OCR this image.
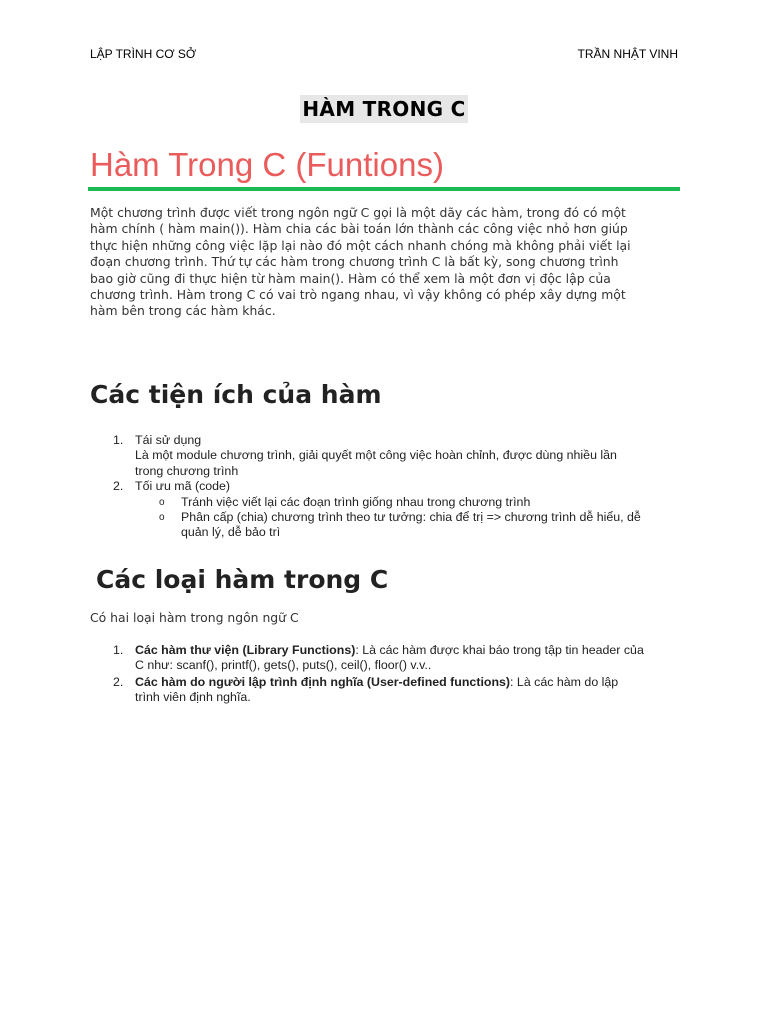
LẬP TRÌNH CƠ SỞ	TRẦN NHẬT VINH
HÀM TRONG C
Hàm Trong C (Funtions)
Một chương trình được viết trong ngôn ngữ C gọi là một dãy các hàm, trong đó có một
hàm chính ( hàm main()). Hàm chia các bài toán lớn thành các công việc nhỏ hơn giúp
thực hiện những công việc lặp lại nào đó một cách nhanh chóng mà không phải viết lại
đoạn chương trình. Thứ tự các hàm trong chương trình C là bất kỳ, song chương trình
bao giờ cũng đi thực hiện từ hàm main(). Hàm có thể xem là một đơn vị độc lập của
chương trình. Hàm trong C có vai trò ngang nhau, vì vậy không có phép xây dựng một
hàm bên trong các hàm khác.
Các tiện ích của hàm
1. Tái sử dụng
Là một module chương trình, giải quyết một công việc hoàn chỉnh, được dùng nhiều lần
trong chương trình
2. Tối ưu mã (code)
o Tránh việc viết lại các đoạn trình giống nhau trong chương trình
o Phân cấp (chia) chương trình theo tư tưởng: chia để trị => chương trình dễ hiểu, dễ
quản lý, dễ bảo trì
Các loại hàm trong C
Có hai loại hàm trong ngôn ngữ C
1. Các hàm thư viện (Library Functions): Là các hàm được khai báo trong tập tin header của
C như: scanf(), printf(), gets(), puts(), ceil(), floor() v.v..
2. Các hàm do người lập trình định nghĩa (User-defined functions): Là các hàm do lập
trình viên định nghĩa.
